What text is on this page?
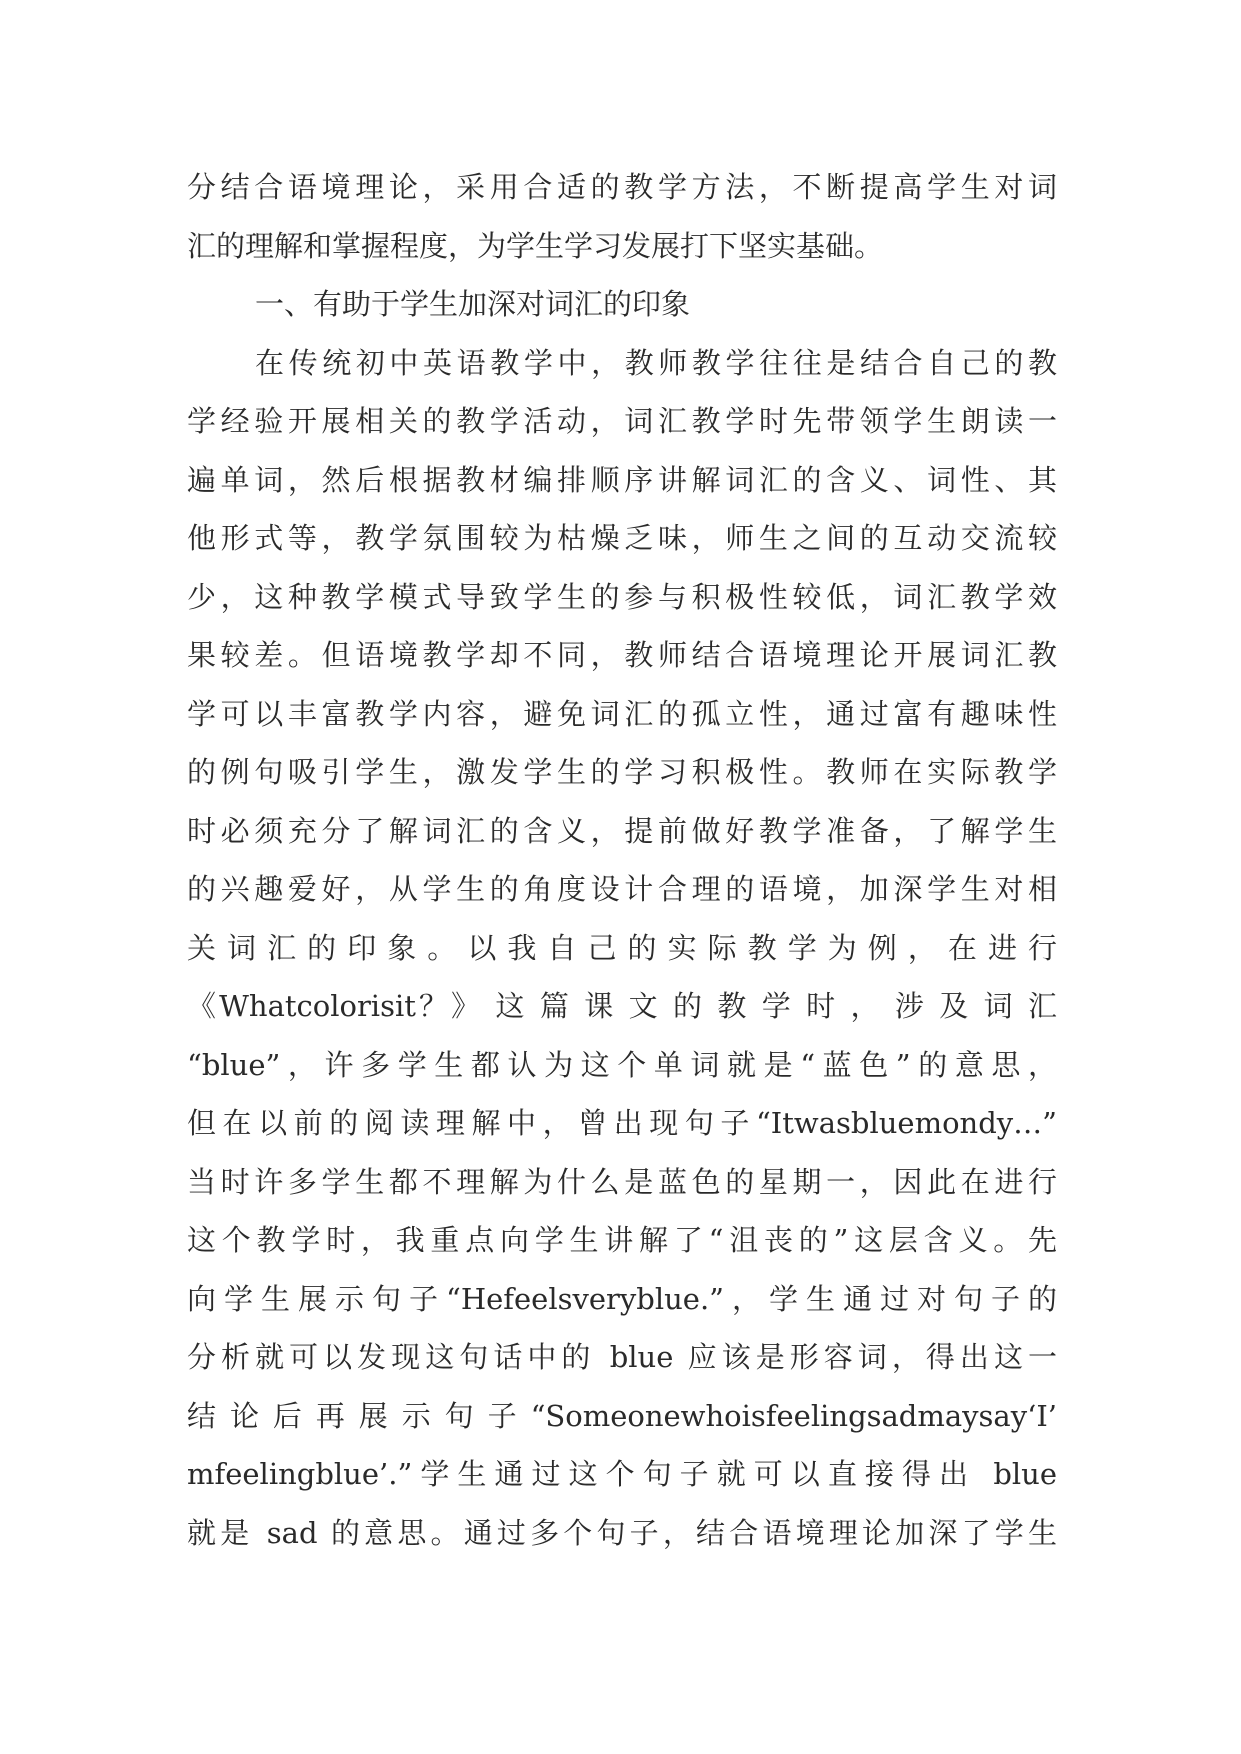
分结合语境理论，采用合适的教学方法，不断提高学生对词
汇的理解和掌握程度，为学生学习发展打下坚实基础。
一、有助于学生加深对词汇的印象
在传统初中英语教学中，教师教学往往是结合自己的教
学经验开展相关的教学活动，词汇教学时先带领学生朗读一
遍单词，然后根据教材编排顺序讲解词汇的含义、词性、其
他形式等，教学氛围较为枯燥乏味，师生之间的互动交流较
少，这种教学模式导致学生的参与积极性较低，词汇教学效
果较差。但语境教学却不同，教师结合语境理论开展词汇教
学可以丰富教学内容，避免词汇的孤立性，通过富有趣味性
的例句吸引学生，激发学生的学习积极性。教师在实际教学
时必须充分了解词汇的含义，提前做好教学准备，了解学生
的兴趣爱好，从学生的角度设计合理的语境，加深学生对相
关 词 汇 的 印 象 。 以 我 自 己 的 实 际 教 学 为 例 ， 在 进 行
《Whatcolorisit？》 这 篇 课 文 的 教 学 时 ， 涉 及 词 汇
“blue”，许多学生都认为这个单词就是“蓝色”的意思，
但在以前的阅读理解中，曾出现句子“Itwasbluemondy…”
当时许多学生都不理解为什么是蓝色的星期一，因此在进行
这个教学时，我重点向学生讲解了“沮丧的”这层含义。先
向学生展示句子“Hefeelsveryblue.”，学生通过对句子的
分析就可以发现这句话中的 blue 应该是形容词，得出这一
结论后再展示句子“Someonewhoisfeelingsadmaysay‘I’
mfeelingblue’.”学生通过这个句子就可以直接得出 blue
就是 sad 的意思。通过多个句子，结合语境理论加深了学生
